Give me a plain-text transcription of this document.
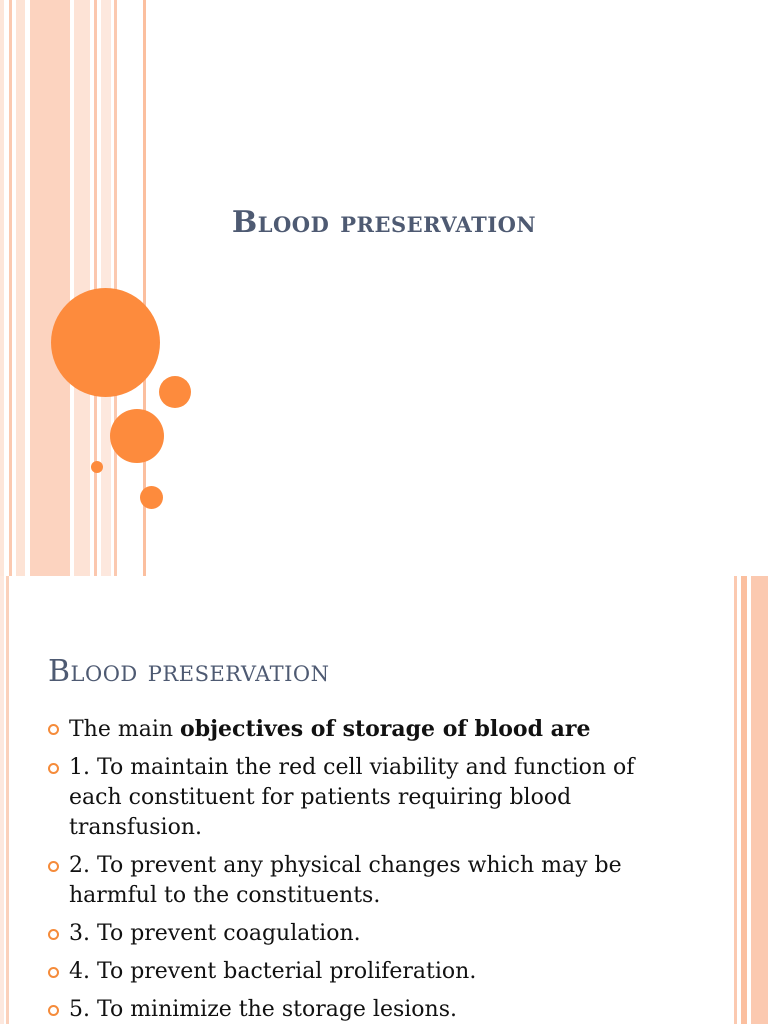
Blood preservation
Blood preservation
The main objectives of storage of blood are
1. To maintain the red cell viability and function of each constituent for patients requiring blood transfusion.
2. To prevent any physical changes which may be harmful to the constituents.
3. To prevent coagulation.
4. To prevent bacterial proliferation.
5. To minimize the storage lesions.
